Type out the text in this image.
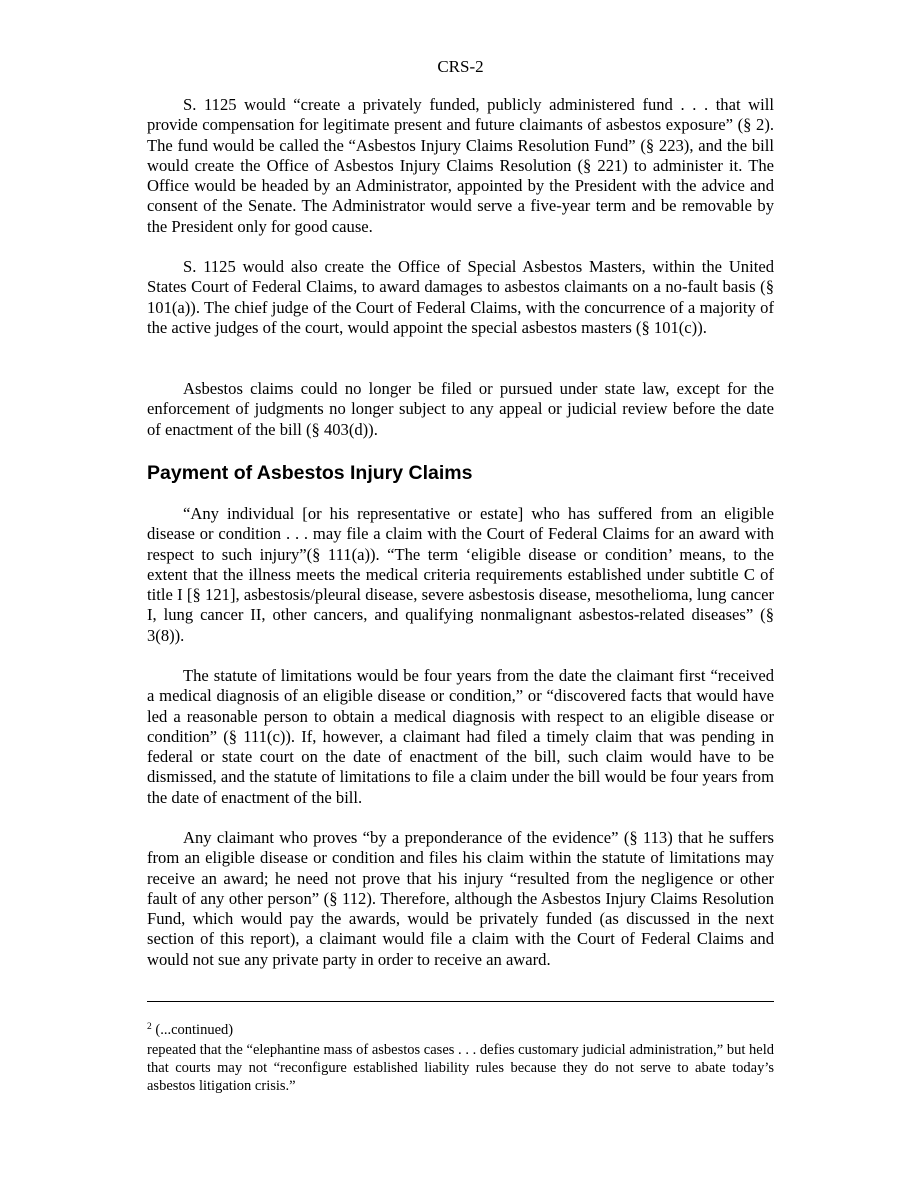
CRS-2

S. 1125 would “create a privately funded, publicly administered fund . . . that will provide compensation for legitimate present and future claimants of asbestos exposure” (§ 2). The fund would be called the “Asbestos Injury Claims Resolution Fund” (§ 223), and the bill would create the Office of Asbestos Injury Claims Resolution (§ 221) to administer it. The Office would be headed by an Administrator, appointed by the President with the advice and consent of the Senate. The Administrator would serve a five-year term and be removable by the President only for good cause.

S. 1125 would also create the Office of Special Asbestos Masters, within the United States Court of Federal Claims, to award damages to asbestos claimants on a no-fault basis (§ 101(a)). The chief judge of the Court of Federal Claims, with the concurrence of a majority of the active judges of the court, would appoint the special asbestos masters (§ 101(c)).

Asbestos claims could no longer be filed or pursued under state law, except for the enforcement of judgments no longer subject to any appeal or judicial review before the date of enactment of the bill (§ 403(d)).

Payment of Asbestos Injury Claims

“Any individual [or his representative or estate] who has suffered from an eligible disease or condition . . . may file a claim with the Court of Federal Claims for an award with respect to such injury”(§ 111(a)). “The term ‘eligible disease or condition’ means, to the extent that the illness meets the medical criteria requirements established under subtitle C of title I [§ 121], asbestosis/pleural disease, severe asbestosis disease, mesothelioma, lung cancer I, lung cancer II, other cancers, and qualifying nonmalignant asbestos-related diseases” (§ 3(8)).

The statute of limitations would be four years from the date the claimant first “received a medical diagnosis of an eligible disease or condition,” or “discovered facts that would have led a reasonable person to obtain a medical diagnosis with respect to an eligible disease or condition” (§ 111(c)). If, however, a claimant had filed a timely claim that was pending in federal or state court on the date of enactment of the bill, such claim would have to be dismissed, and the statute of limitations to file a claim under the bill would be four years from the date of enactment of the bill.

Any claimant who proves “by a preponderance of the evidence” (§ 113) that he suffers from an eligible disease or condition and files his claim within the statute of limitations may receive an award; he need not prove that his injury “resulted from the negligence or other fault of any other person” (§ 112). Therefore, although the Asbestos Injury Claims Resolution Fund, which would pay the awards, would be privately funded (as discussed in the next section of this report), a claimant would file a claim with the Court of Federal Claims and would not sue any private party in order to receive an award.

$^2$ (...continued)

repeated that the “elephantine mass of asbestos cases . . . defies customary judicial administration,” but held that courts may not “reconfigure established liability rules because they do not serve to abate today’s asbestos litigation crisis.”
